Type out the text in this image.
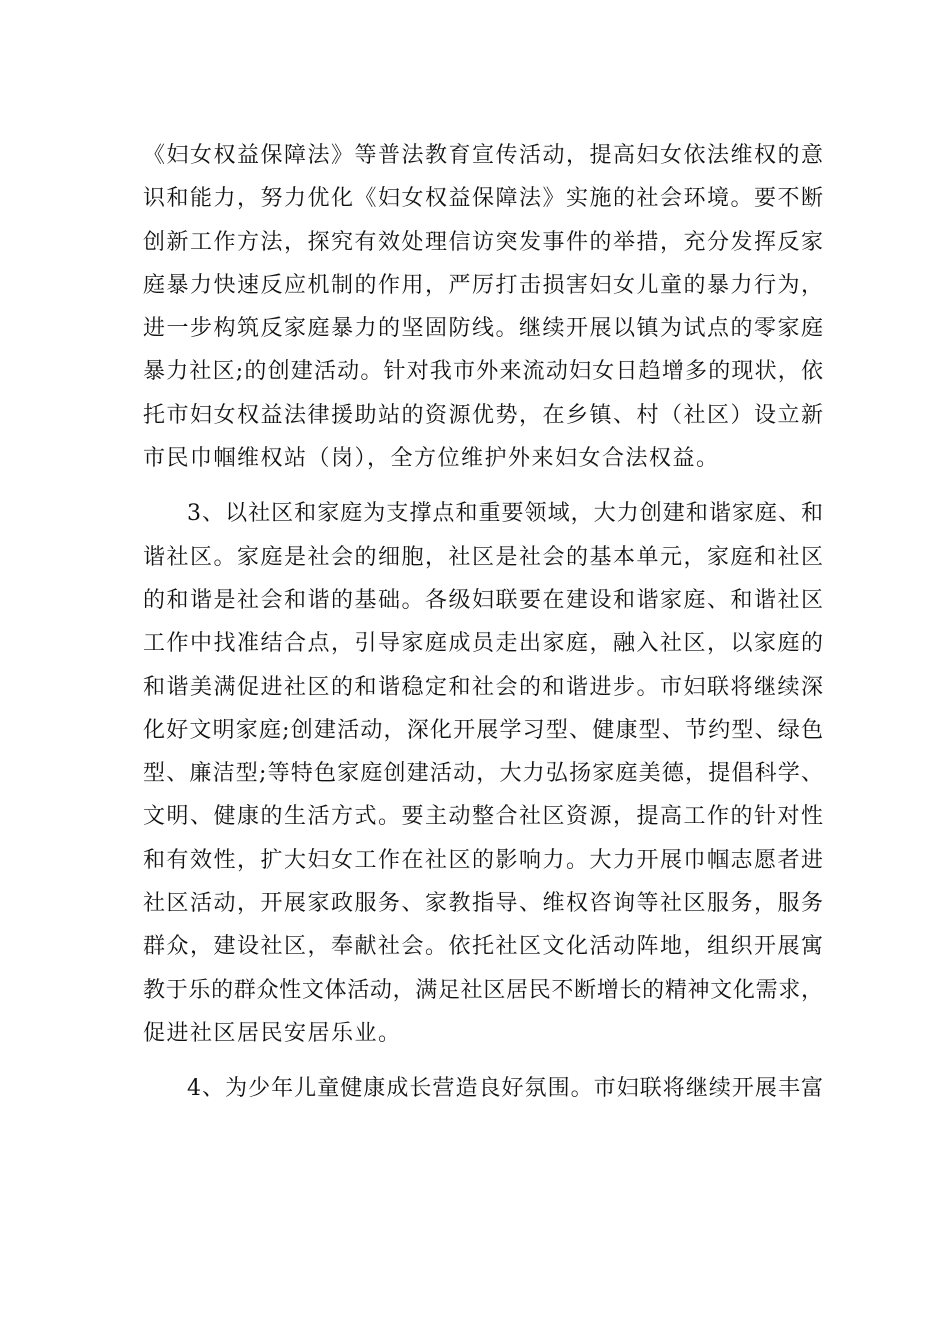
《妇女权益保障法》等普法教育宣传活动，提高妇女依法维权的意
识和能力，努力优化《妇女权益保障法》实施的社会环境。要不断
创新工作方法，探究有效处理信访突发事件的举措，充分发挥反家
庭暴力快速反应机制的作用，严厉打击损害妇女儿童的暴力行为，
进一步构筑反家庭暴力的坚固防线。继续开展以镇为试点的零家庭
暴力社区;的创建活动。针对我市外来流动妇女日趋增多的现状，依
托市妇女权益法律援助站的资源优势，在乡镇、村（社区）设立新
市民巾帼维权站（岗），全方位维护外来妇女合法权益。
3、以社区和家庭为支撑点和重要领域，大力创建和谐家庭、和
谐社区。家庭是社会的细胞，社区是社会的基本单元，家庭和社区
的和谐是社会和谐的基础。各级妇联要在建设和谐家庭、和谐社区
工作中找准结合点，引导家庭成员走出家庭，融入社区，以家庭的
和谐美满促进社区的和谐稳定和社会的和谐进步。市妇联将继续深
化好文明家庭;创建活动，深化开展学习型、健康型、节约型、绿色
型、廉洁型;等特色家庭创建活动，大力弘扬家庭美德，提倡科学、
文明、健康的生活方式。要主动整合社区资源，提高工作的针对性
和有效性，扩大妇女工作在社区的影响力。大力开展巾帼志愿者进
社区活动，开展家政服务、家教指导、维权咨询等社区服务，服务
群众，建设社区，奉献社会。依托社区文化活动阵地，组织开展寓
教于乐的群众性文体活动，满足社区居民不断增长的精神文化需求，
促进社区居民安居乐业。
4、为少年儿童健康成长营造良好氛围。市妇联将继续开展丰富
